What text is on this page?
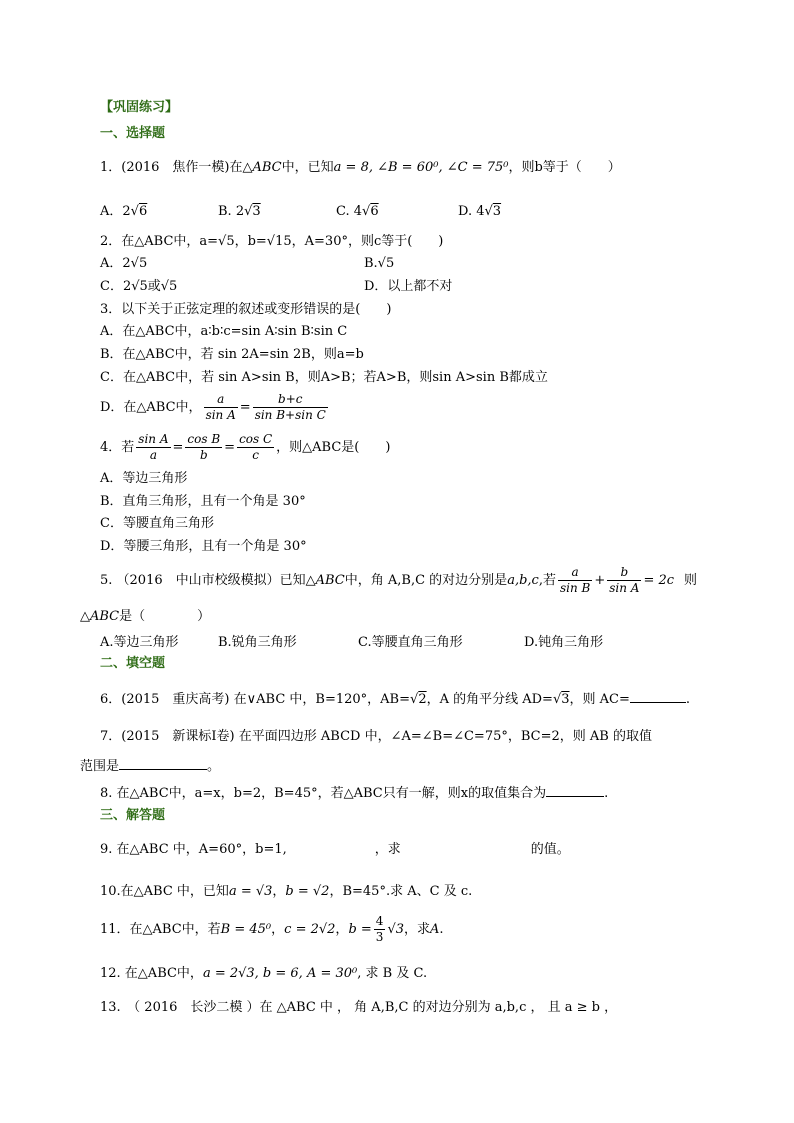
【巩固练习】
一、选择题
1．(2016　焦作一模)在△ABC中，已知a = 8, ∠B = 60⁰, ∠C = 75⁰，则b等于（　　）
A．2√6	B. 2√3	C. 4√6	D. 4√3
2．在△ABC中，a=√5，b=√15，A=30°，则c等于(　　)
A．2√5	B.√5
C．2√5或√5	D．以上都不对
3．以下关于正弦定理的叙述或变形错误的是(　　)
A．在△ABC中，a∶b∶c=sin A∶sin B∶sin C
B．在△ABC中，若 sin 2A=sin 2B，则a=b
C．在△ABC中，若 sin A>sin B，则A>B；若A>B，则sin A>sin B都成立
D．在△ABC中， $\frac{a}{\text{sin A}} = \frac{b+c}{\text{sin B+sin C}}$
4．若 $\frac{\text{sin A}}{a} = \frac{\text{cos B}}{b} = \frac{\text{cos C}}{c}$ ，则△ABC是(　　)
A．等边三角形
B．直角三角形，且有一个角是 30°
C．等腰直角三角形
D．等腰三角形，且有一个角是 30°
5. （2016　中山市校级模拟）已知△ABC中，角 A,B,C 的对边分别是a,b,c,若 $\frac{a}{\text{sin B}} + \frac{b}{\text{sin A}} = 2c$ 则
△ABC是（　　　　）
A.等边三角形	B.锐角三角形	C.等腰直角三角形	D.钝角三角形
二、填空题
6．(2015　重庆高考) 在∨ABC 中，B=120°，AB=√2，A 的角平分线 AD=√3，则 AC=	.
7．(2015　新课标Ⅰ卷) 在平面四边形 ABCD 中，∠A=∠B=∠C=75°，BC=2，则 AB 的取值
范围是	。
8. 在△ABC中，a=x，b=2，B=45°，若△ABC只有一解，则x的取值集合为	.
三、解答题
9. 在△ABC 中，A=60°，b=1,	，求	的值。
10.在△ABC 中，已知a = √3，b = √2，B=45°.求 A、C 及 c.
11．在△ABC中，若B = 45⁰，c = 2√2，$b = \frac{4}{3} √3$，求A.
12. 在△ABC中，a = 2√3, b = 6, A = 30⁰, 求 B 及 C.
13.　（ 2016　长沙二模 ）在 △ABC 中 ， 角 A,B,C 的对边分别为 a,b,c ， 且 a ≥ b ，
